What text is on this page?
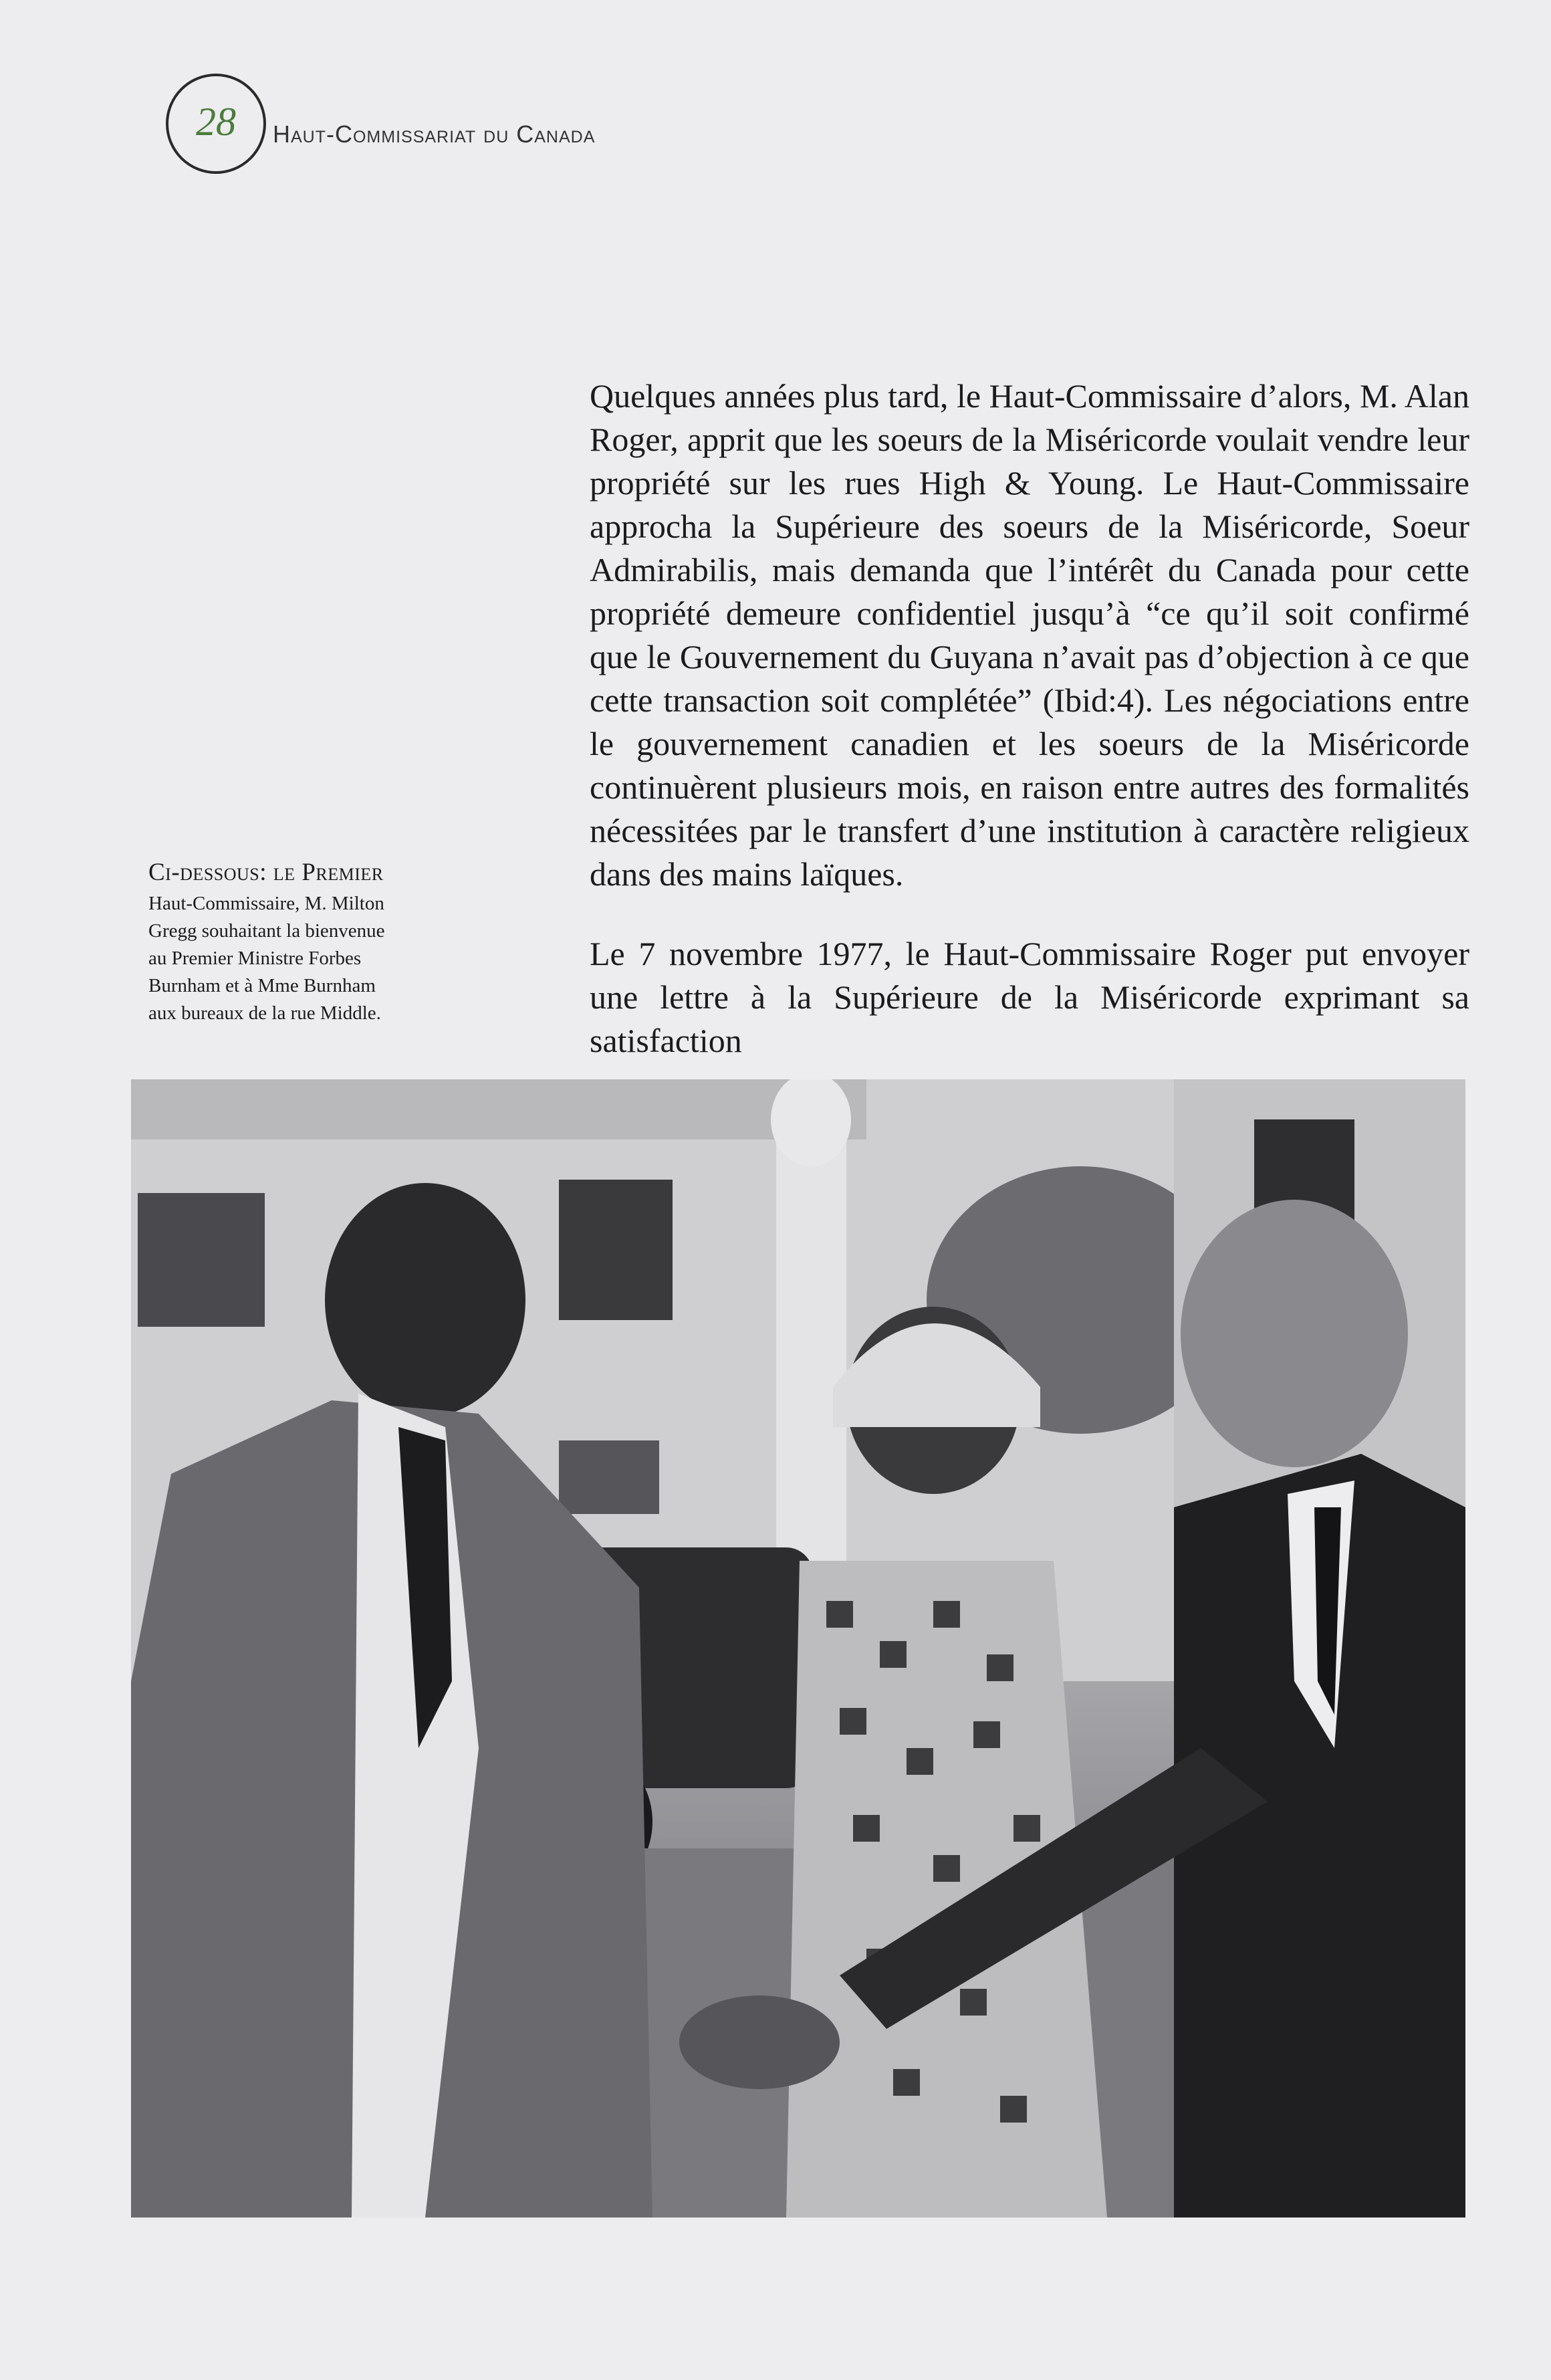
28	Haut-Commissariat du Canada

Ci-dessous: le Premier

Haut-Commissaire, M. Milton
Gregg souhaitant la bienvenue
au Premier Ministre Forbes
Burnham et à Mme Burnham
aux bureaux de la rue Middle.

Quelques années plus tard, le Haut-Commissaire d’alors, M. Alan Roger, apprit que les soeurs de la Miséricorde voulait vendre leur propriété sur les rues High & Young. Le Haut-Commissaire approcha la Supérieure des soeurs de la Miséricorde, Soeur Admirabilis, mais demanda que l’intérêt du Canada pour cette propriété demeure confidentiel jusqu’à “ce qu’il soit confirmé que le Gouvernement du Guyana n’avait pas d’objection à ce que cette transaction soit complétée” (Ibid:4). Les négociations entre le gouvernement canadien et les soeurs de la Miséricorde continuèrent plusieurs mois, en raison entre autres des formalités nécessitées par le transfert d’une institution à caractère religieux dans des mains laïques.

Le 7 novembre 1977, le Haut-Commissaire Roger put envoyer une lettre à la Supérieure de la Miséricorde exprimant sa satisfaction
